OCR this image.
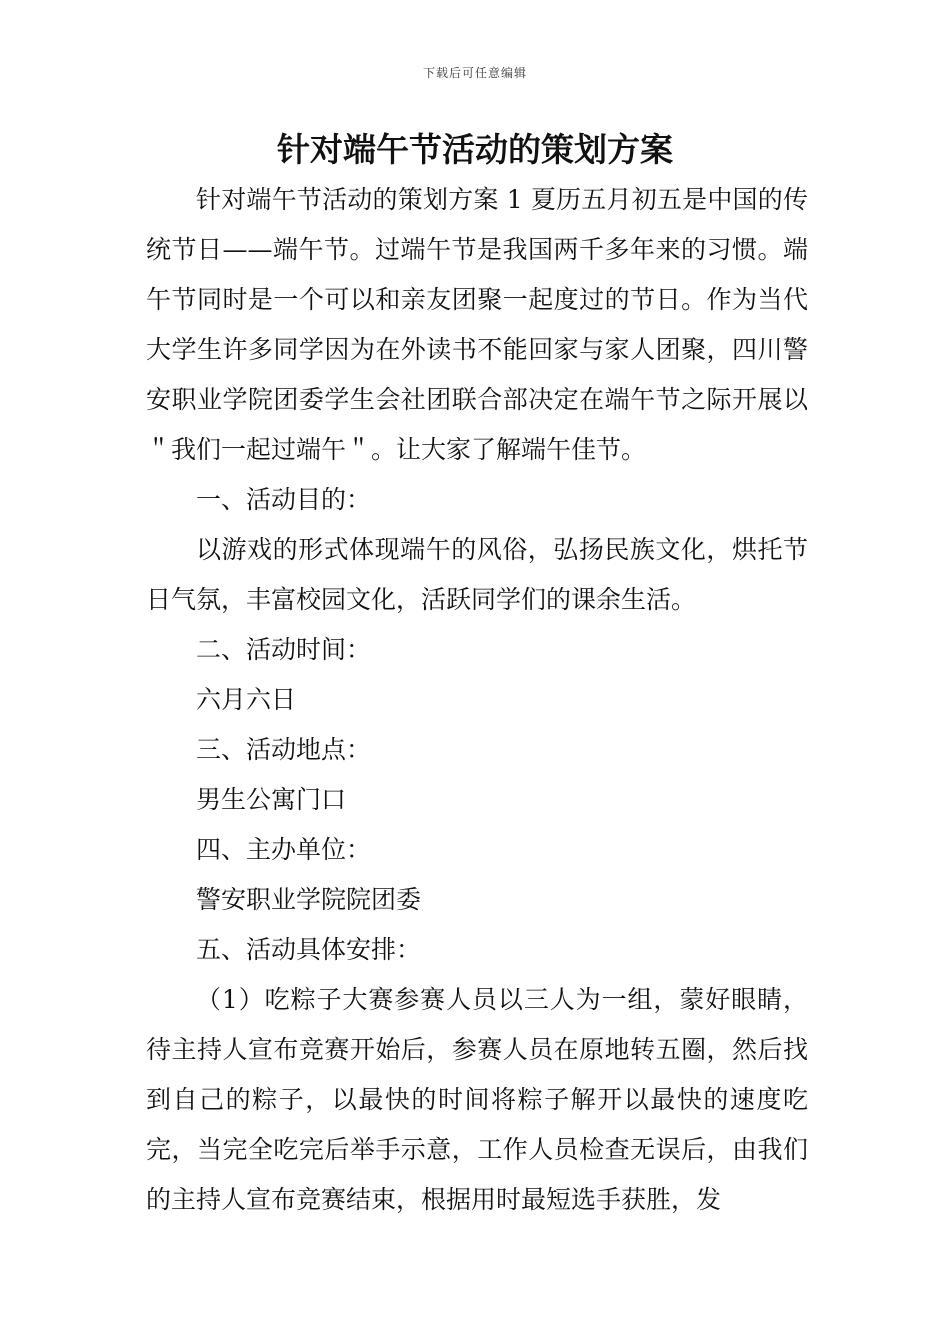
下载后可任意编辑
针对端午节活动的策划方案

针对端午节活动的策划方案 1 夏历五月初五是中国的传统节日——端午节。过端午节是我国两千多年来的习惯。端午节同时是一个可以和亲友团聚一起度过的节日。作为当代大学生许多同学因为在外读书不能回家与家人团聚，四川警安职业学院团委学生会社团联合部决定在端午节之际开展以＂我们一起过端午＂。让大家了解端午佳节。

一、活动目的：

以游戏的形式体现端午的风俗，弘扬民族文化，烘托节日气氛，丰富校园文化，活跃同学们的课余生活。

二、活动时间：

六月六日

三、活动地点：

男生公寓门口

四、主办单位：

警安职业学院院团委

五、活动具体安排：

（1）吃粽子大赛参赛人员以三人为一组，蒙好眼睛，待主持人宣布竞赛开始后，参赛人员在原地转五圈，然后找到自己的粽子，以最快的时间将粽子解开以最快的速度吃完，当完全吃完后举手示意，工作人员检查无误后，由我们的主持人宣布竞赛结束，根据用时最短选手获胜，发
